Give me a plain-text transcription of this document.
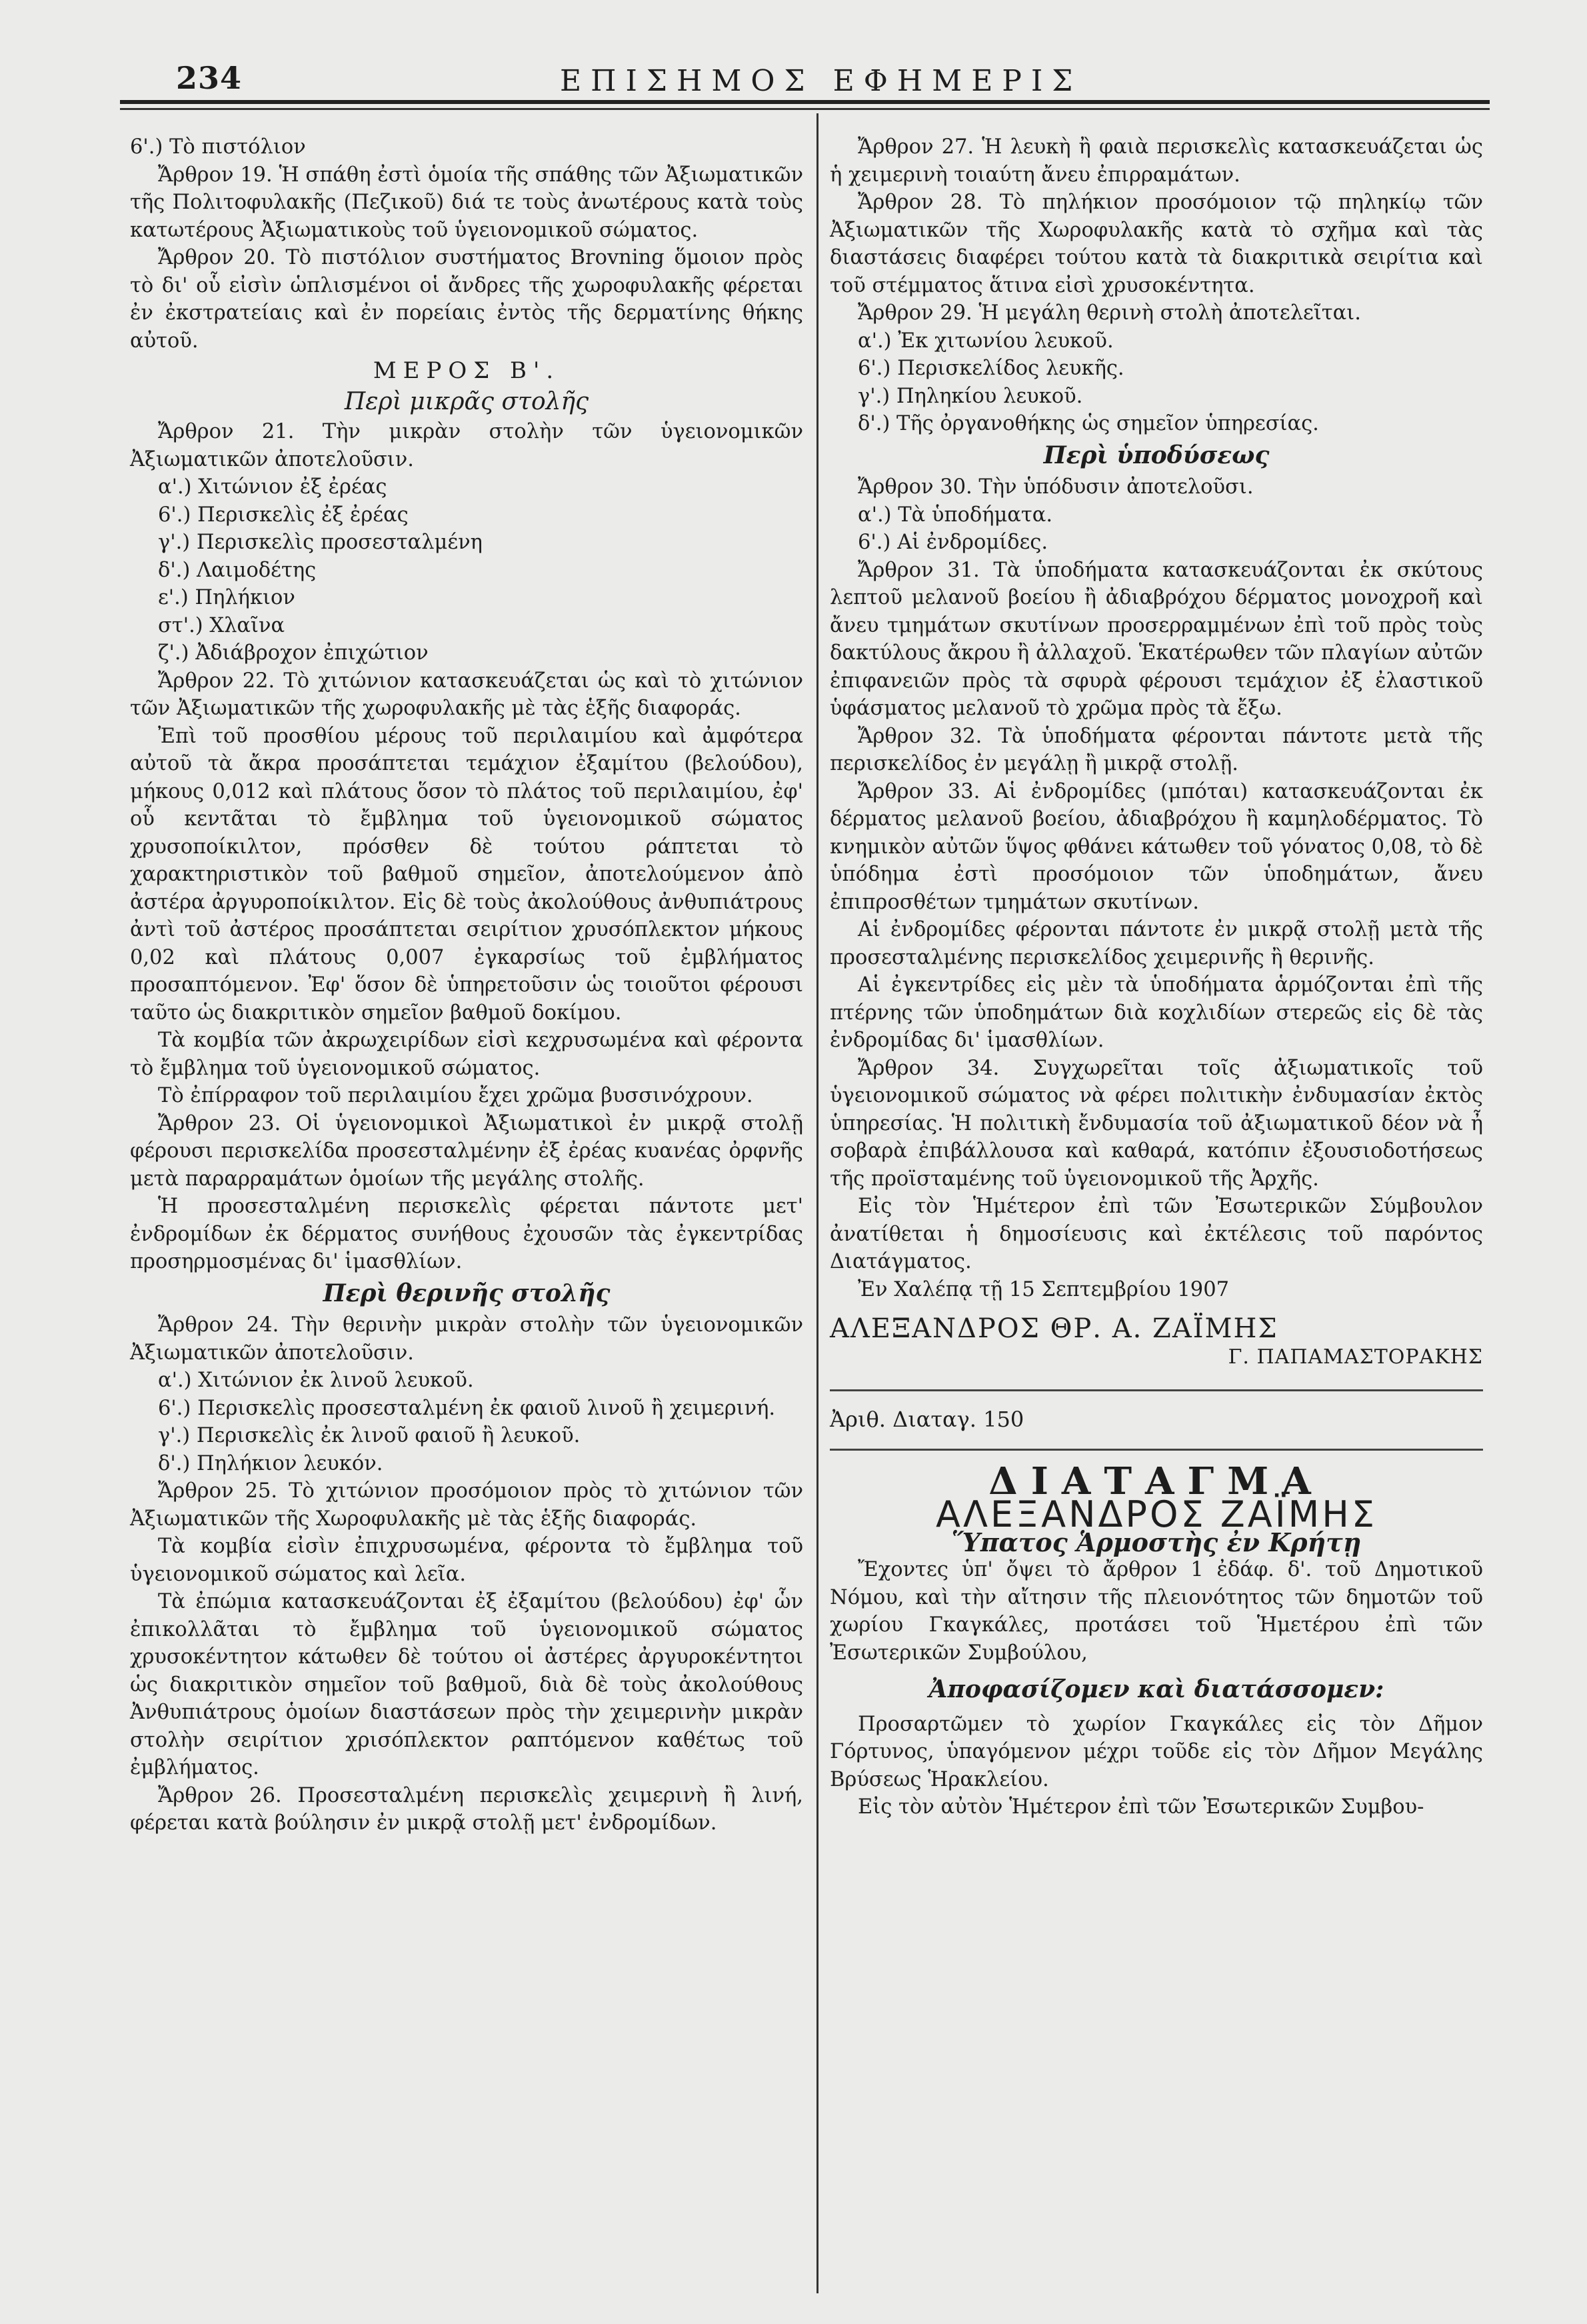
234	ΕΠΙΣΗΜΟΣ ΕΦΗΜΕΡΙΣ

6'.) Τὸ πιστόλιον

Ἄρθρον 19. Ἡ σπάθη ἐστὶ ὁμοία τῆς σπάθης τῶν Ἀξιωματικῶν τῆς Πολιτοφυλακῆς (Πεζικοῦ) διά τε τοὺς ἀνωτέρους κατὰ τοὺς κατωτέρους Ἀξιωματικοὺς τοῦ ὑγειονομικοῦ σώματος.

Ἄρθρον 20. Τὸ πιστόλιον συστήματος Brovning ὅμοιον πρὸς τὸ δι' οὗ εἰσὶν ὡπλισμένοι οἱ ἄνδρες τῆς χωροφυλακῆς φέρεται ἐν ἐκστρατείαις καὶ ἐν πορείαις ἐντὸς τῆς δερματίνης θήκης αὐτοῦ.

ΜΕΡΟΣ Β'.

Περὶ μικρᾶς στολῆς

Ἄρθρον 21. Τὴν μικρὰν στολὴν τῶν ὑγειονομικῶν Ἀξιωματικῶν ἀποτελοῦσιν.

α'.) Χιτώνιον ἐξ ἐρέας

6'.) Περισκελὶς ἐξ ἐρέας

γ'.) Περισκελὶς προσεσταλμένη

δ'.) Λαιμοδέτης

ε'.) Πηλήκιον

στ'.) Χλαῖνα

ζ'.) Ἀδιάβροχον ἐπιχώτιον

Ἄρθρον 22. Τὸ χιτώνιον κατασκευάζεται ὡς καὶ τὸ χιτώνιον τῶν Ἀξιωματικῶν τῆς χωροφυλακῆς μὲ τὰς ἑξῆς διαφοράς.

Ἐπὶ τοῦ προσθίου μέρους τοῦ περιλαιμίου καὶ ἀμφότερα αὐτοῦ τὰ ἄκρα προσάπτεται τεμάχιον ἐξαμίτου (βελούδου), μήκους 0,012 καὶ πλάτους ὅσον τὸ πλάτος τοῦ περιλαιμίου, ἐφ' οὗ κεντᾶται τὸ ἔμβλημα τοῦ ὑγειονομικοῦ σώματος χρυσοποίκιλτον, πρόσθεν δὲ τούτου ράπτεται τὸ χαρακτηριστικὸν τοῦ βαθμοῦ σημεῖον, ἀποτελούμενον ἀπὸ ἀστέρα ἀργυροποίκιλτον. Εἰς δὲ τοὺς ἀκολούθους ἀνθυπιάτρους ἀντὶ τοῦ ἀστέρος προσάπτεται σειρίτιον χρυσόπλεκτον μήκους 0,02 καὶ πλάτους 0,007 ἐγκαρσίως τοῦ ἐμβλήματος προσαπτόμενον. Ἐφ' ὅσον δὲ ὑπηρετοῦσιν ὡς τοιοῦτοι φέρουσι ταῦτο ὡς διακριτικὸν σημεῖον βαθμοῦ δοκίμου.

Τὰ κομβία τῶν ἀκρωχειρίδων εἰσὶ κεχρυσωμένα καὶ φέροντα τὸ ἔμβλημα τοῦ ὑγειονομικοῦ σώματος.

Τὸ ἐπίρραφον τοῦ περιλαιμίου ἔχει χρῶμα βυσσινόχρουν.

Ἄρθρον 23. Οἱ ὑγειονομικοὶ Ἀξιωματικοὶ ἐν μικρᾷ στολῇ φέρουσι περισκελίδα προσεσταλμένην ἐξ ἐρέας κυανέας ὀρφνῆς μετὰ παραρραμάτων ὁμοίων τῆς μεγάλης στολῆς.

Ἡ προσεσταλμένη περισκελὶς φέρεται πάντοτε μετ' ἐνδρομίδων ἐκ δέρματος συνήθους ἐχουσῶν τὰς ἐγκεντρίδας προσηρμοσμένας δι' ἱμασθλίων.

Περὶ θερινῆς στολῆς

Ἄρθρον 24. Τὴν θερινὴν μικρὰν στολὴν τῶν ὑγειονομικῶν Ἀξιωματικῶν ἀποτελοῦσιν.

α'.) Χιτώνιον ἐκ λινοῦ λευκοῦ.

6'.) Περισκελὶς προσεσταλμένη ἐκ φαιοῦ λινοῦ ἢ χειμερινή.

γ'.) Περισκελὶς ἐκ λινοῦ φαιοῦ ἢ λευκοῦ.

δ'.) Πηλήκιον λευκόν.

Ἄρθρον 25. Τὸ χιτώνιον προσόμοιον πρὸς τὸ χιτώνιον τῶν Ἀξιωματικῶν τῆς Χωροφυλακῆς μὲ τὰς ἑξῆς διαφοράς.

Τὰ κομβία εἰσὶν ἐπιχρυσωμένα, φέροντα τὸ ἔμβλημα τοῦ ὑγειονομικοῦ σώματος καὶ λεῖα.

Τὰ ἐπώμια κατασκευάζονται ἐξ ἐξαμίτου (βελούδου) ἐφ' ὧν ἐπικολλᾶται τὸ ἔμβλημα τοῦ ὑγειονομικοῦ σώματος χρυσοκέντητον κάτωθεν δὲ τούτου οἱ ἀστέρες ἀργυροκέντητοι ὡς διακριτικὸν σημεῖον τοῦ βαθμοῦ, διὰ δὲ τοὺς ἀκολούθους Ἀνθυπιάτρους ὁμοίων διαστάσεων πρὸς τὴν χειμερινὴν μικρὰν στολὴν σειρίτιον χρισόπλεκτον ραπτόμενον καθέτως τοῦ ἐμβλήματος.

Ἄρθρον 26. Προσεσταλμένη περισκελὶς χειμερινὴ ἢ λινή, φέρεται κατὰ βούλησιν ἐν μικρᾷ στολῇ μετ' ἐνδρομίδων.

Ἄρθρον 27. Ἡ λευκὴ ἢ φαιὰ περισκελὶς κατασκευάζεται ὡς ἡ χειμερινὴ τοιαύτη ἄνευ ἐπιρραμάτων.

Ἄρθρον 28. Τὸ πηλήκιον προσόμοιον τῷ πηληκίῳ τῶν Ἀξιωματικῶν τῆς Χωροφυλακῆς κατὰ τὸ σχῆμα καὶ τὰς διαστάσεις διαφέρει τούτου κατὰ τὰ διακριτικὰ σειρίτια καὶ τοῦ στέμματος ἅτινα εἰσὶ χρυσοκέντητα.

Ἄρθρον 29. Ἡ μεγάλη θερινὴ στολὴ ἀποτελεῖται.

α'.) Ἐκ χιτωνίου λευκοῦ.

6'.) Περισκελίδος λευκῆς.

γ'.) Πηληκίου λευκοῦ.

δ'.) Τῆς ὀργανοθήκης ὡς σημεῖον ὑπηρεσίας.

Περὶ ὑποδύσεως

Ἄρθρον 30. Τὴν ὑπόδυσιν ἀποτελοῦσι.

α'.) Τὰ ὑποδήματα.

6'.) Αἱ ἐνδρομίδες.

Ἄρθρον 31. Τὰ ὑποδήματα κατασκευάζονται ἐκ σκύτους λεπτοῦ μελανοῦ βοείου ἢ ἀδιαβρόχου δέρματος μονοχροῆ καὶ ἄνευ τμημάτων σκυτίνων προσερραμμένων ἐπὶ τοῦ πρὸς τοὺς δακτύλους ἄκρου ἢ ἀλλαχοῦ. Ἑκατέρωθεν τῶν πλαγίων αὐτῶν ἐπιφανειῶν πρὸς τὰ σφυρὰ φέρουσι τεμάχιον ἐξ ἐλαστικοῦ ὑφάσματος μελανοῦ τὸ χρῶμα πρὸς τὰ ἔξω.

Ἄρθρον 32. Τὰ ὑποδήματα φέρονται πάντοτε μετὰ τῆς περισκελίδος ἐν μεγάλῃ ἢ μικρᾷ στολῇ.

Ἄρθρον 33. Αἱ ἐνδρομίδες (μπόται) κατασκευάζονται ἐκ δέρματος μελανοῦ βοείου, ἀδιαβρόχου ἢ καμηλοδέρματος. Τὸ κνημικὸν αὐτῶν ὕψος φθάνει κάτωθεν τοῦ γόνατος 0,08, τὸ δὲ ὑπόδημα ἐστὶ προσόμοιον τῶν ὑποδημάτων, ἄνευ ἐπιπροσθέτων τμημάτων σκυτίνων.

Αἱ ἐνδρομίδες φέρονται πάντοτε ἐν μικρᾷ στολῇ μετὰ τῆς προσεσταλμένης περισκελίδος χειμερινῆς ἢ θερινῆς.

Αἱ ἐγκεντρίδες εἰς μὲν τὰ ὑποδήματα ἁρμόζονται ἐπὶ τῆς πτέρνης τῶν ὑποδημάτων διὰ κοχλιδίων στερεῶς εἰς δὲ τὰς ἐνδρομίδας δι' ἱμασθλίων.

Ἄρθρον 34. Συγχωρεῖται τοῖς ἀξιωματικοῖς τοῦ ὑγειονομικοῦ σώματος νὰ φέρει πολιτικὴν ἐνδυμασίαν ἐκτὸς ὑπηρεσίας. Ἡ πολιτικὴ ἔνδυμασία τοῦ ἀξιωματικοῦ δέον νὰ ἦ σοβαρὰ ἐπιβάλλουσα καὶ καθαρά, κατόπιν ἐξουσιοδοτήσεως τῆς προϊσταμένης τοῦ ὑγειονομικοῦ τῆς Ἀρχῆς.

Εἰς τὸν Ἡμέτερον ἐπὶ τῶν Ἐσωτερικῶν Σύμβουλον ἀνατίθεται ἡ δημοσίευσις καὶ ἐκτέλεσις τοῦ παρόντος Διατάγματος.

Ἐν Χαλέπᾳ τῇ 15 Σεπτεμβρίου 1907

ΑΛΕΞΑΝΔΡΟΣ ΘΡ. Α. ΖΑΪΜΗΣ

Γ. ΠΑΠΑΜΑΣΤΟΡΑΚΗΣ

Ἀριθ. Διαταγ. 150

ΔΙΑΤΑΓΜΑ

ΑΛΕΞΑΝΔΡΟΣ ΖΑΪΜΗΣ

Ὕπατος Ἁρμοστὴς ἐν Κρήτῃ

Ἔχοντες ὑπ' ὄψει τὸ ἄρθρον 1 ἐδάφ. δ'. τοῦ Δημοτικοῦ Νόμου, καὶ τὴν αἴτησιν τῆς πλειονότητος τῶν δημοτῶν τοῦ χωρίου Γκαγκάλες, προτάσει τοῦ Ἡμετέρου ἐπὶ τῶν Ἐσωτερικῶν Συμβούλου,

Ἀποφασίζομεν καὶ διατάσσομεν:

Προσαρτῶμεν τὸ χωρίον Γκαγκάλες εἰς τὸν Δῆμον Γόρτυνος, ὑπαγόμενον μέχρι τοῦδε εἰς τὸν Δῆμον Μεγάλης Βρύσεως Ἡρακλείου.

Εἰς τὸν αὐτὸν Ἡμέτερον ἐπὶ τῶν Ἐσωτερικῶν Συμβου-
